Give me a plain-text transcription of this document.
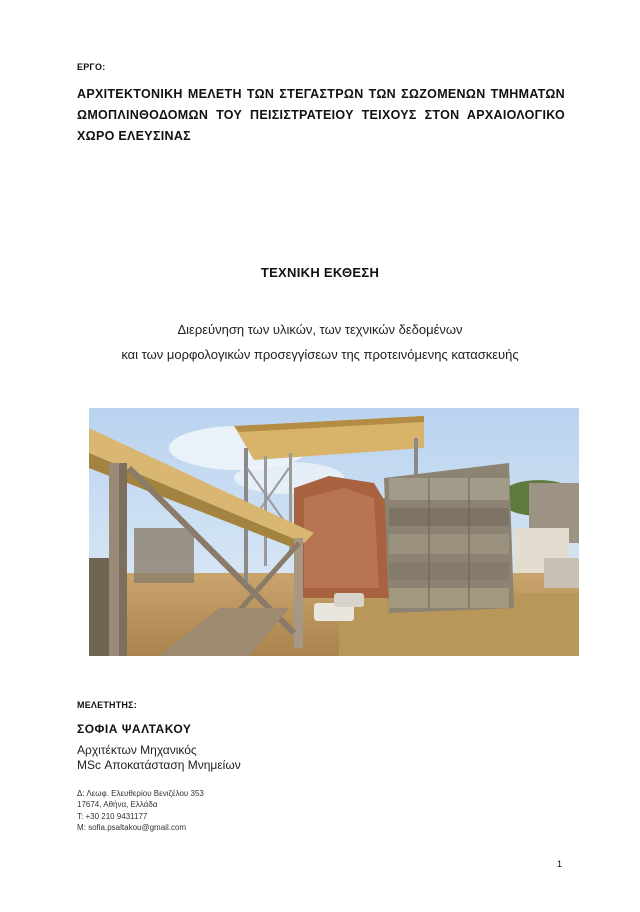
ΕΡΓΟ:
ΑΡΧΙΤΕΚΤΟΝΙΚΗ ΜΕΛΕΤΗ ΤΩΝ ΣΤΕΓΑΣΤΡΩΝ ΤΩΝ ΣΩΖΟΜΕΝΩΝ ΤΜΗΜΑΤΩΝ ΩΜΟΠΛΙΝΘΟΔΟΜΩΝ ΤΟΥ ΠΕΙΣΙΣΤΡΑΤΕΙΟΥ ΤΕΙΧΟΥΣ ΣΤΟΝ ΑΡΧΑΙΟΛΟΓΙΚΟ ΧΩΡΟ ΕΛΕΥΣΙΝΑΣ
ΤΕΧΝΙΚΗ ΕΚΘΕΣΗ
Διερεύνηση των υλικών, των τεχνικών δεδομένων
και των μορφολογικών προσεγγίσεων της προτεινόμενης κατασκευής
ΜΕΛΕΤΗΤΗΣ:
ΣΟΦΙΑ ΨΑΛΤΑΚΟΥ
Αρχιτέκτων Μηχανικός
MSc Αποκατάσταση Μνημείων
Δ: Λεωφ. Ελευθερίου Βενιζέλου 353
17674, Αθήνα, Ελλάδα
T: +30 210 9431177
M: sofia.psaltakou@gmail.com
1
